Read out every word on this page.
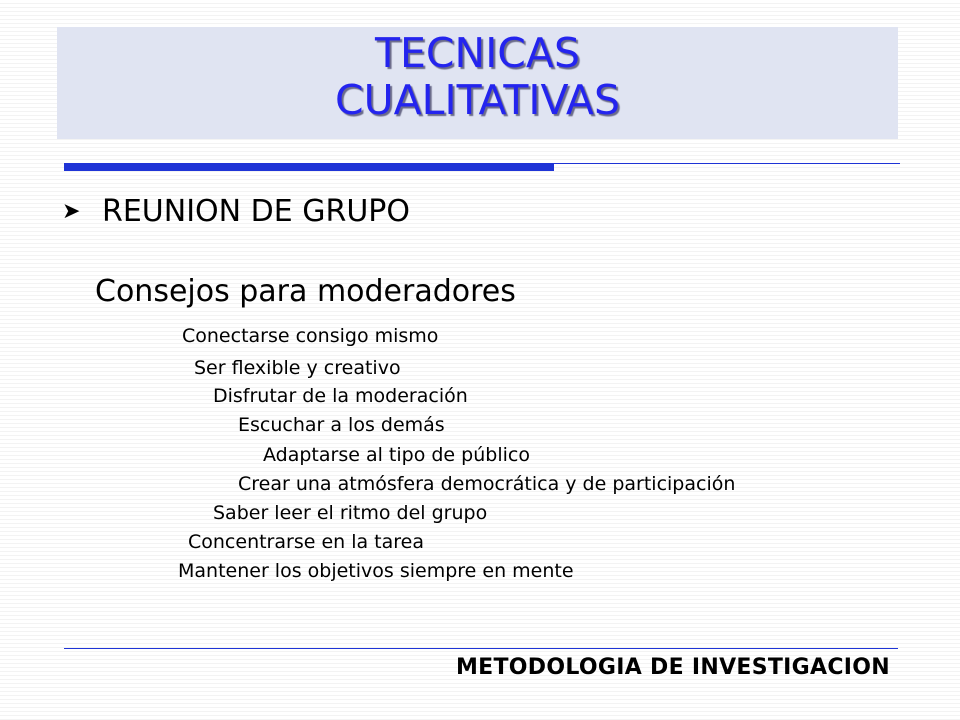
TECNICAS
CUALITATIVAS
➤ REUNION DE GRUPO
Consejos para moderadores
Conectarse consigo mismo
Ser flexible y creativo
Disfrutar de la moderación
Escuchar a los demás
Adaptarse al tipo de público
Crear una atmósfera democrática y de participación
Saber leer el ritmo del grupo
Concentrarse en la tarea
Mantener los objetivos siempre en mente
METODOLOGIA DE INVESTIGACION
